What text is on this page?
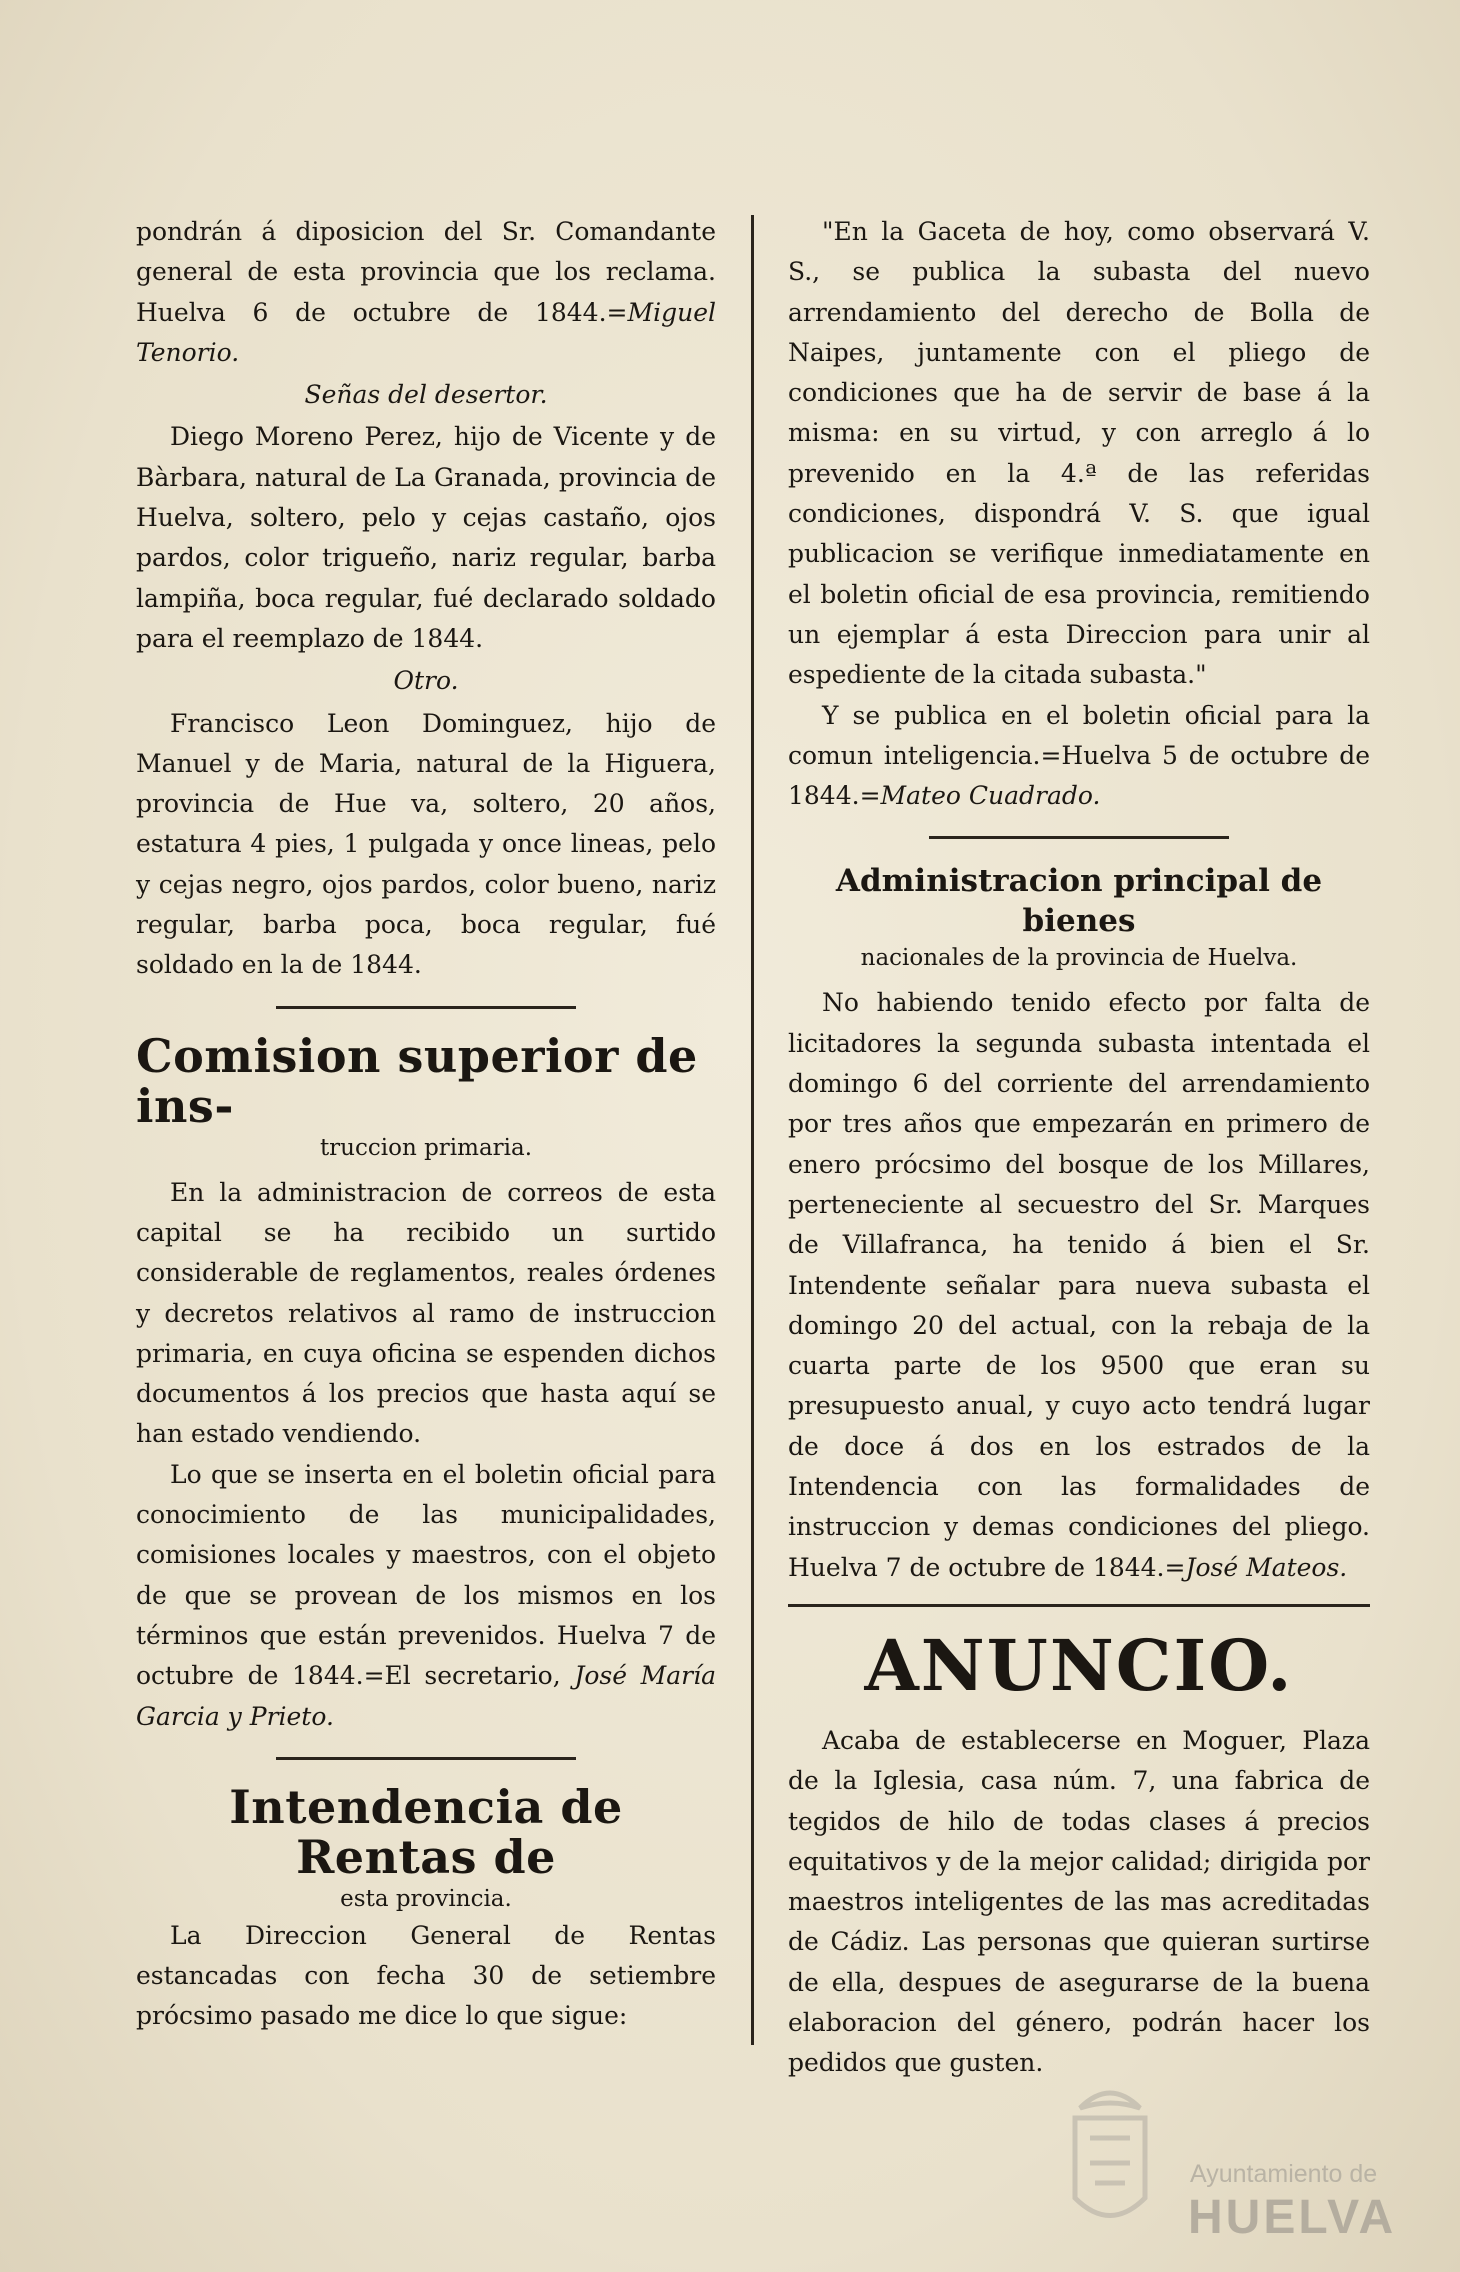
pondrán á diposicion del Sr. Comandante general de esta provincia que los reclama. Huelva 6 de octubre de 1844.=Miguel Tenorio.

Señas del desertor.

Diego Moreno Perez, hijo de Vicente y de Bàrbara, natural de La Granada, provincia de Huelva, soltero, pelo y cejas castaño, ojos pardos, color trigueño, nariz regular, barba lampiña, boca regular, fué declarado soldado para el reemplazo de 1844.

Otro.

Francisco Leon Dominguez, hijo de Manuel y de Maria, natural de la Higuera, provincia de Hue va, soltero, 20 años, estatura 4 pies, 1 pulgada y once lineas, pelo y cejas negro, ojos pardos, color bueno, nariz regular, barba poca, boca regular, fué soldado en la de 1844.

Comision superior de ins-

truccion primaria.

En la administracion de correos de esta capital se ha recibido un surtido considerable de reglamentos, reales órdenes y decretos relativos al ramo de instruccion primaria, en cuya oficina se espenden dichos documentos á los precios que hasta aquí se han estado vendiendo.

Lo que se inserta en el boletin oficial para conocimiento de las municipalidades, comisiones locales y maestros, con el objeto de que se provean de los mismos en los términos que están prevenidos. Huelva 7 de octubre de 1844.=El secretario, José María Garcia y Prieto.

Intendencia de Rentas de

esta provincia.

La Direccion General de Rentas estancadas con fecha 30 de setiembre prócsimo pasado me dice lo que sigue:

"En la Gaceta de hoy, como observará V. S., se publica la subasta del nuevo arrendamiento del derecho de Bolla de Naipes, juntamente con el pliego de condiciones que ha de servir de base á la misma: en su virtud, y con arreglo á lo prevenido en la 4.ª de las referidas condiciones, dispondrá V. S. que igual publicacion se verifique inmediatamente en el boletin oficial de esa provincia, remitiendo un ejemplar á esta Direccion para unir al espediente de la citada subasta."

Y se publica en el boletin oficial para la comun inteligencia.=Huelva 5 de octubre de 1844.=Mateo Cuadrado.

Administracion principal de bienes

nacionales de la provincia de Huelva.

No habiendo tenido efecto por falta de licitadores la segunda subasta intentada el domingo 6 del corriente del arrendamiento por tres años que empezarán en primero de enero prócsimo del bosque de los Millares, perteneciente al secuestro del Sr. Marques de Villafranca, ha tenido á bien el Sr. Intendente señalar para nueva subasta el domingo 20 del actual, con la rebaja de la cuarta parte de los 9500 que eran su presupuesto anual, y cuyo acto tendrá lugar de doce á dos en los estrados de la Intendencia con las formalidades de instruccion y demas condiciones del pliego. Huelva 7 de octubre de 1844.=José Mateos.

ANUNCIO.

Acaba de establecerse en Moguer, Plaza de la Iglesia, casa núm. 7, una fabrica de tegidos de hilo de todas clases á precios equitativos y de la mejor calidad; dirigida por maestros inteligentes de las mas acreditadas de Cádiz. Las personas que quieran surtirse de ella, despues de asegurarse de la buena elaboracion del género, podrán hacer los pedidos que gusten.

Ayuntamiento de
HUELVA
